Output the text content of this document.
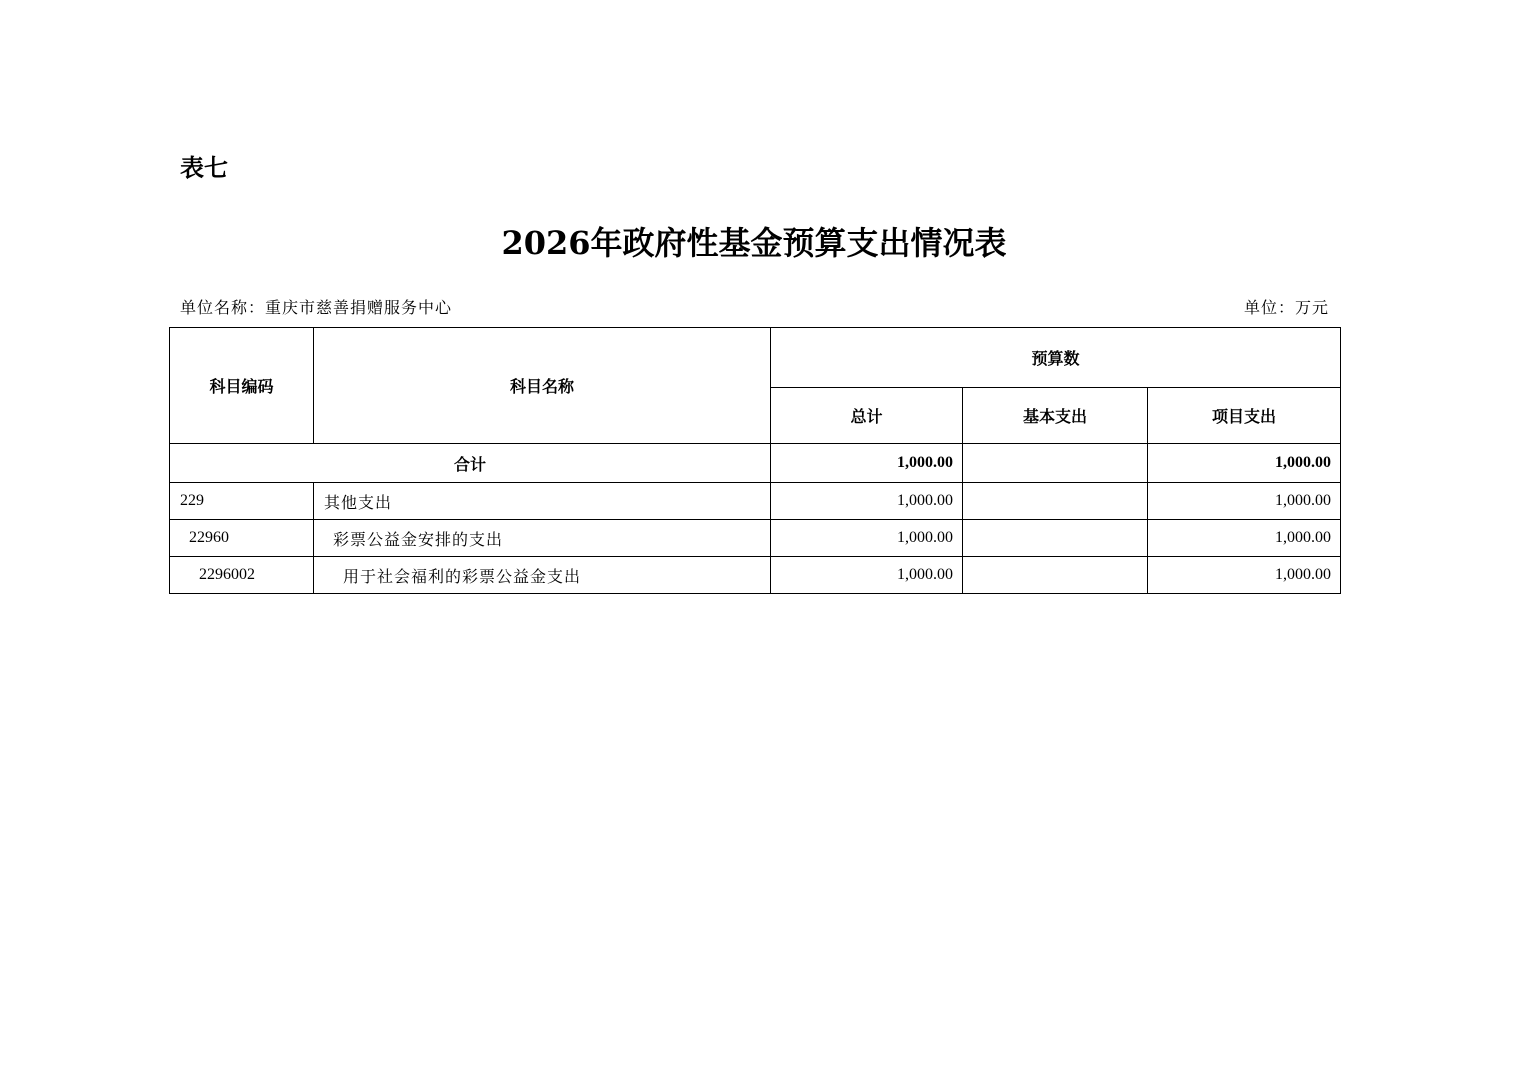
表七
2026年政府性基金预算支出情况表
单位名称：重庆市慈善捐赠服务中心	单位：万元
科目编码	科目名称	预算数		
		总计	基本支出	项目支出
合计		1,000.00		1,000.00
229	其他支出	1,000.00		1,000.00
22960	彩票公益金安排的支出	1,000.00		1,000.00
2296002	用于社会福利的彩票公益金支出	1,000.00		1,000.00
